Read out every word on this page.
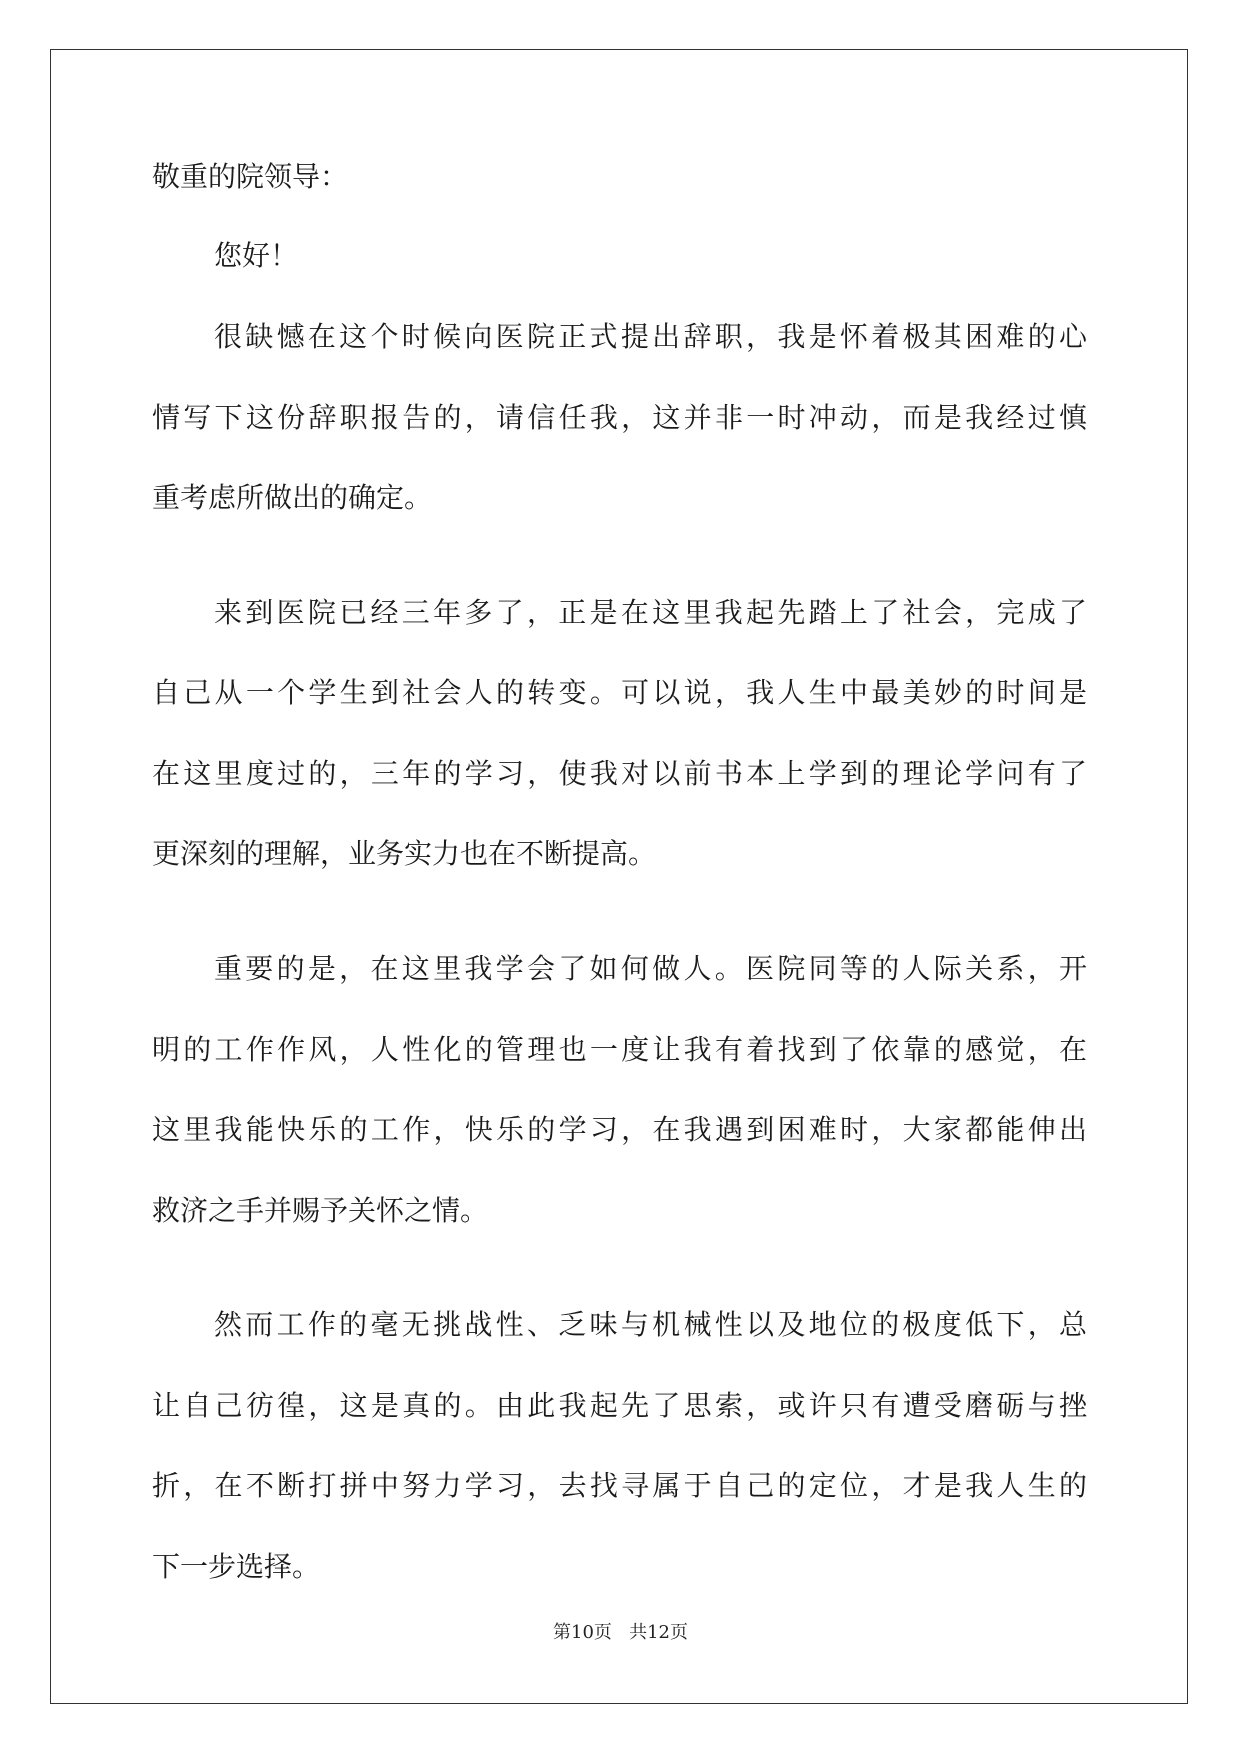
敬重的院领导：
您好！
很缺憾在这个时候向医院正式提出辞职，我是怀着极其困难的心
情写下这份辞职报告的，请信任我，这并非一时冲动，而是我经过慎
重考虑所做出的确定。
来到医院已经三年多了，正是在这里我起先踏上了社会，完成了
自己从一个学生到社会人的转变。可以说，我人生中最美妙的时间是
在这里度过的，三年的学习，使我对以前书本上学到的理论学问有了
更深刻的理解，业务实力也在不断提高。
重要的是，在这里我学会了如何做人。医院同等的人际关系，开
明的工作作风，人性化的管理也一度让我有着找到了依靠的感觉，在
这里我能快乐的工作，快乐的学习，在我遇到困难时，大家都能伸出
救济之手并赐予关怀之情。
然而工作的毫无挑战性、乏味与机械性以及地位的极度低下，总
让自己彷徨，这是真的。由此我起先了思索，或许只有遭受磨砺与挫
折，在不断打拼中努力学习，去找寻属于自己的定位，才是我人生的
下一步选择。
第10页   共12页
